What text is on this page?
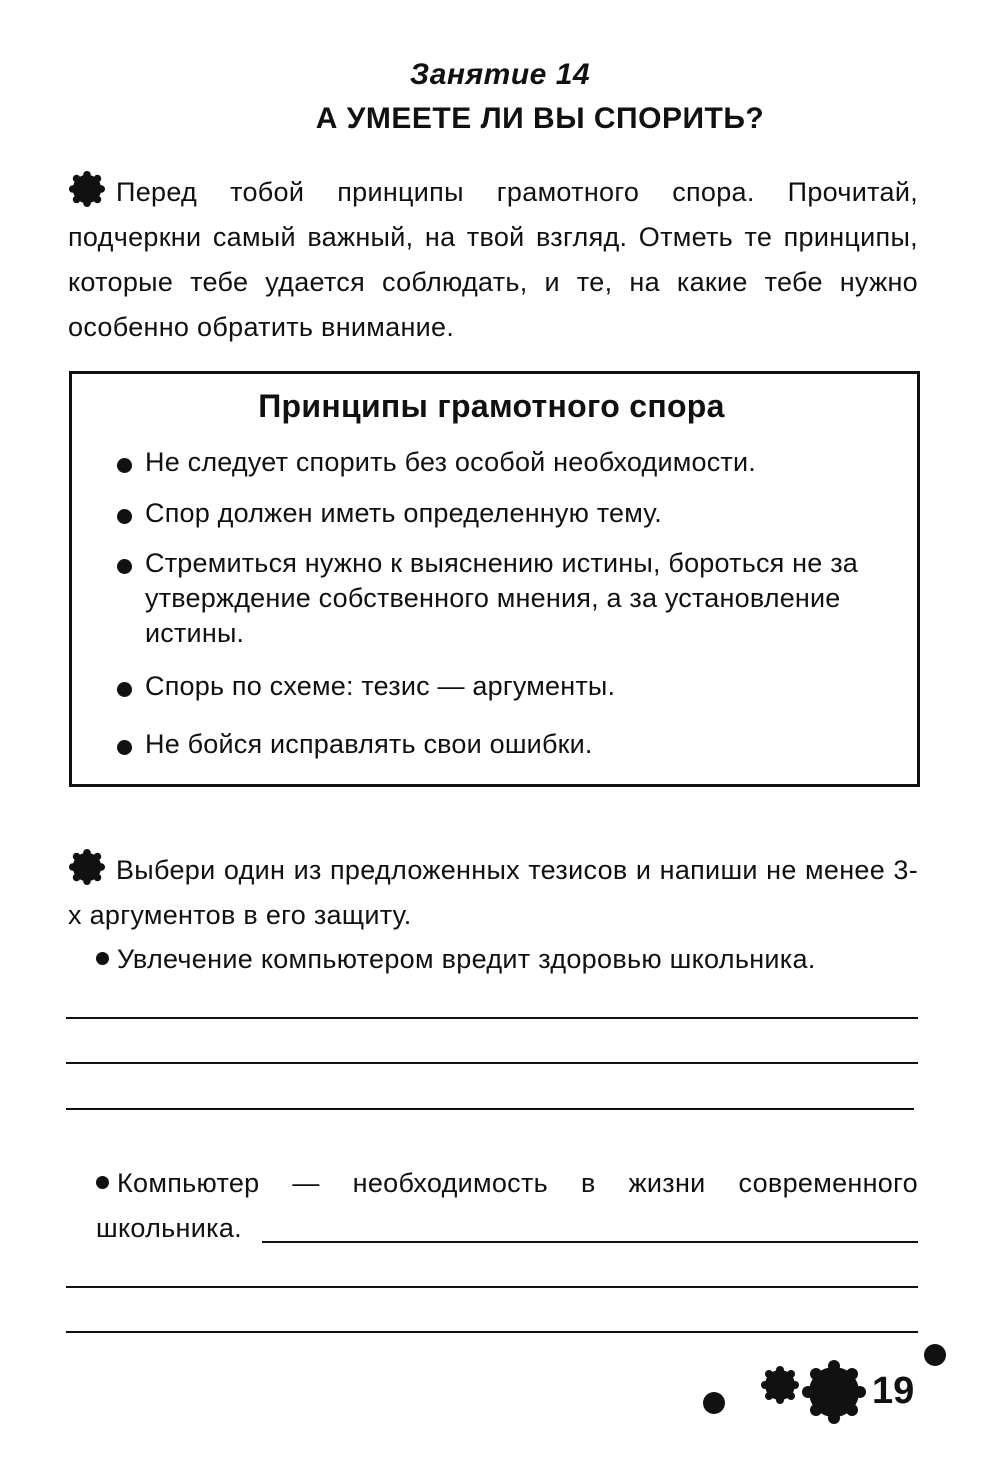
Занятие 14
А УМЕЕТЕ ЛИ ВЫ СПОРИТЬ?
Перед тобой принципы грамотного спора. Прочитай, подчеркни самый важный, на твой взгляд. Отметь те принципы, которые тебе удается соблюдать, и те, на какие тебе нужно особенно обратить внимание.
Принципы грамотного спора
Не следует спорить без особой необходимости.
Спор должен иметь определенную тему.
Стремиться нужно к выяснению истины, бороться не за утверждение собственного мнения, а за установление истины.
Спорь по схеме: тезис — аргументы.
Не бойся исправлять свои ошибки.
Выбери один из предложенных тезисов и напиши не менее 3-х аргументов в его защиту.
Увлечение компьютером вредит здоровью школьника.
Компьютер — необходимость в жизни современного школьника.
19
